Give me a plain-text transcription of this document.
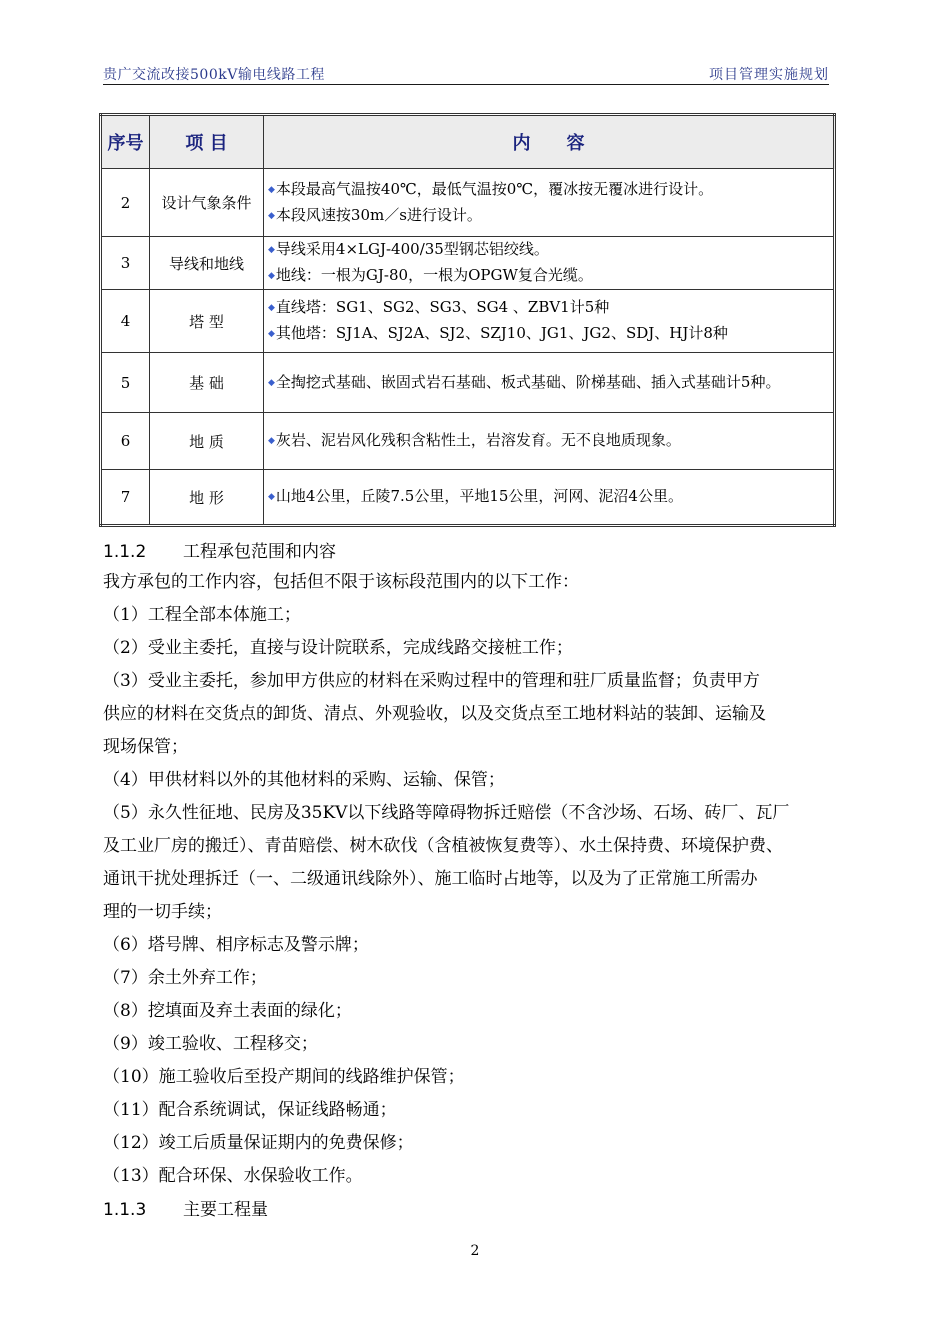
贵广交流改接500kV输电线路工程	项目管理实施规划
序号	项 目	内　　容
2	设计气象条件	◆本段最高气温按40℃，最低气温按0℃，覆冰按无覆冰进行设计。
◆本段风速按30m／s进行设计。

3	导线和地线	◆导线采用4×LGJ-400/35型钢芯铝绞线。
◆地线：一根为GJ-80，一根为OPGW复合光缆。

4	塔 型	◆直线塔：SG1、SG2、SG3、SG4 、ZBV1计5种
◆其他塔：SJ1A、SJ2A、SJ2、SZJ10、JG1、JG2、SDJ、HJ计8种

5	基 础	◆全掏挖式基础、嵌固式岩石基础、板式基础、阶梯基础、插入式基础计5种。

6	地 质	◆灰岩、泥岩风化残积含粘性土，岩溶发育。无不良地质现象。

7	地 形	◆山地4公里，丘陵7.5公里，平地15公里，河网、泥沼4公里。
1.1.2 工程承包范围和内容
我方承包的工作内容，包括但不限于该标段范围内的以下工作：
（1）工程全部本体施工；
（2）受业主委托，直接与设计院联系，完成线路交接桩工作；
（3）受业主委托，参加甲方供应的材料在采购过程中的管理和驻厂质量监督；负责甲方
供应的材料在交货点的卸货、清点、外观验收，以及交货点至工地材料站的装卸、运输及
现场保管；
（4）甲供材料以外的其他材料的采购、运输、保管；
（5）永久性征地、民房及35KV以下线路等障碍物拆迁赔偿（不含沙场、石场、砖厂、瓦厂
及工业厂房的搬迁）、青苗赔偿、树木砍伐（含植被恢复费等）、水土保持费、环境保护费、
通讯干扰处理拆迁（一、二级通讯线除外）、施工临时占地等，以及为了正常施工所需办
理的一切手续；
（6）塔号牌、相序标志及警示牌；
（7）余土外弃工作；
（8）挖填面及弃土表面的绿化；
（9）竣工验收、工程移交；
（10）施工验收后至投产期间的线路维护保管；
（11）配合系统调试，保证线路畅通；
（12）竣工后质量保证期内的免费保修；
（13）配合环保、水保验收工作。
1.1.3 主要工程量
2
